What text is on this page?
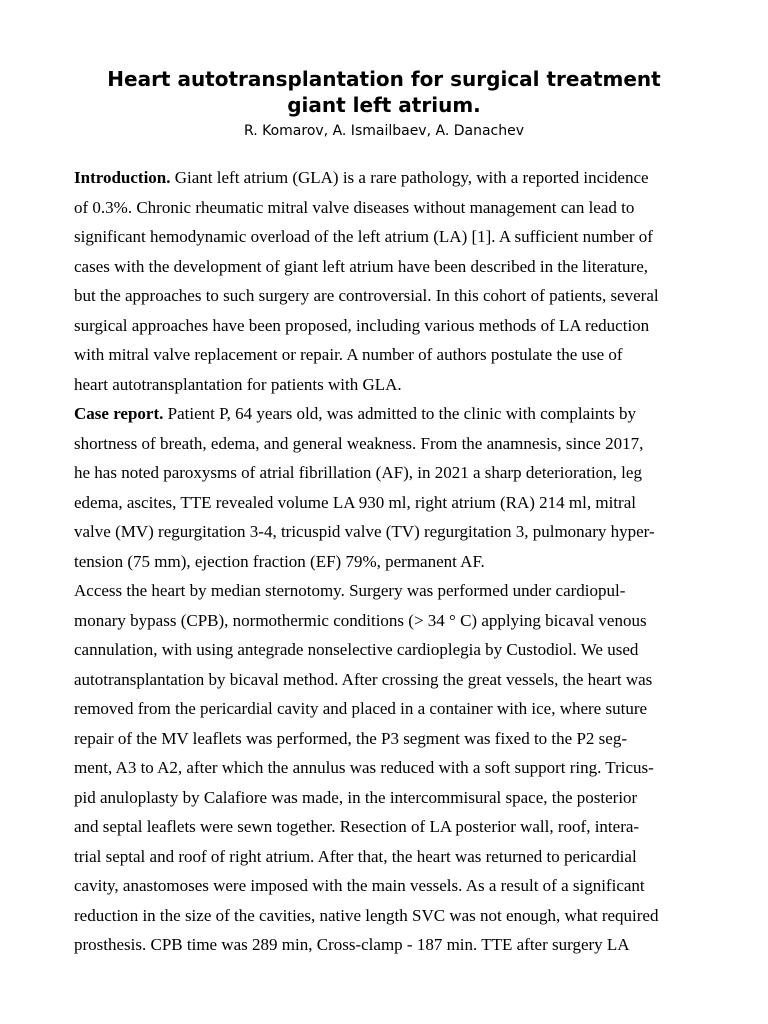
Heart autotransplantation for surgical treatment
giant left atrium.

R. Komarov, A. Ismailbaev, A. Danachev

Introduction. Giant left atrium (GLA) is a rare pathology, with a reported incidence
of 0.3%. Chronic rheumatic mitral valve diseases without management can lead to
significant hemodynamic overload of the left atrium (LA) [1]. A sufficient number of
cases with the development of giant left atrium have been described in the literature,
but the approaches to such surgery are controversial. In this cohort of patients, several
surgical approaches have been proposed, including various methods of LA reduction
with mitral valve replacement or repair. A number of authors postulate the use of
heart autotransplantation for patients with GLA.
Case report. Patient P, 64 years old, was admitted to the clinic with complaints by
shortness of breath, edema, and general weakness. From the anamnesis, since 2017,
he has noted paroxysms of atrial fibrillation (AF), in 2021 a sharp deterioration, leg
edema, ascites, TTE revealed volume LA 930 ml, right atrium (RA) 214 ml, mitral
valve (MV) regurgitation 3-4, tricuspid valve (TV) regurgitation 3, pulmonary hyper-
tension (75 mm), ejection fraction (EF) 79%, permanent AF.
Access the heart by median sternotomy. Surgery was performed under cardiopul-
monary bypass (CPB), normothermic conditions (> 34 ° C) applying bicaval venous
cannulation, with using antegrade nonselective cardioplegia by Custodiol. We used
autotransplantation by bicaval method. After crossing the great vessels, the heart was
removed from the pericardial cavity and placed in a container with ice, where suture
repair of the MV leaflets was performed, the P3 segment was fixed to the P2 seg-
ment, A3 to A2, after which the annulus was reduced with a soft support ring. Tricus-
pid anuloplasty by Calafiore was made, in the intercommisural space, the posterior
and septal leaflets were sewn together. Resection of LA posterior wall, roof, intera-
trial septal and roof of right atrium. After that, the heart was returned to pericardial
cavity, anastomoses were imposed with the main vessels. As a result of a significant
reduction in the size of the cavities, native length SVC was not enough, what required
prosthesis. CPB time was 289 min, Cross-clamp - 187 min. TTE after surgery LA
